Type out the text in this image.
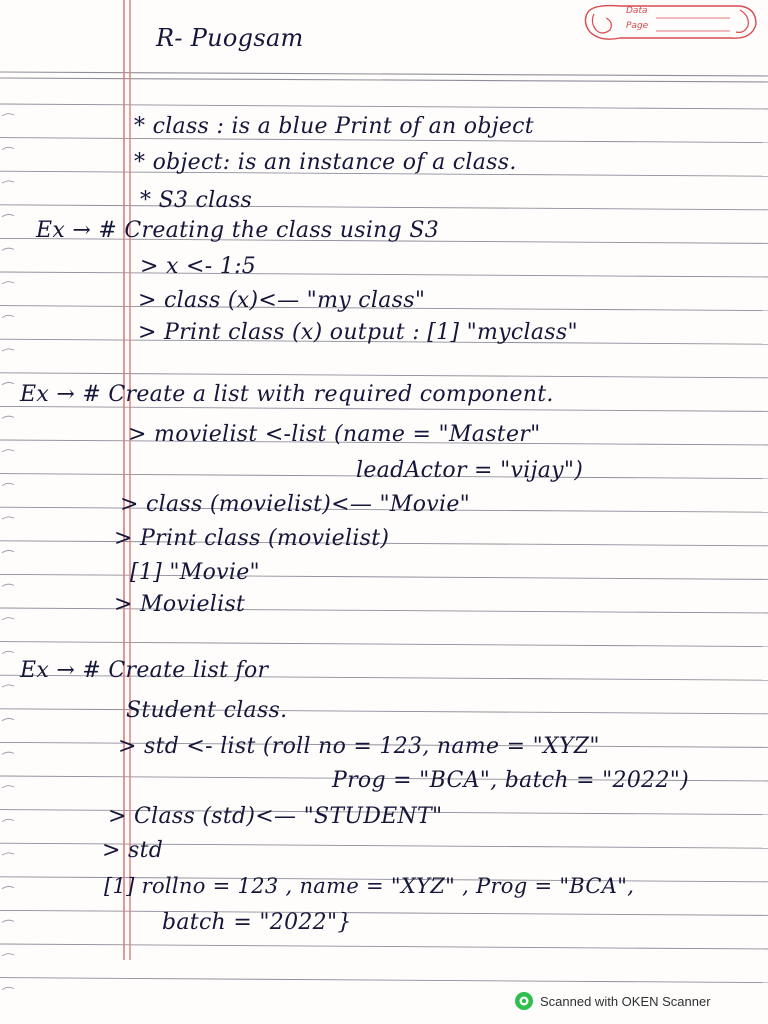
Data
Page

R- Puogsam

* class : is a blue Print of an object

* object: is an instance of a class.

* S3 class

Ex → # Creating the class using S3

> x <- 1:5

> class (x)<— "my class"

> Print class (x) output : [1] "myclass"

Ex → # Create a list with required component.

> movielist <-list (name = "Master"

leadActor = "vijay")

> class (movielist)<— "Movie"

> Print class (movielist)

[1] "Movie"

> Movielist

Ex → # Create list for

Student class.

> std <- list (roll no = 123, name = "XYZ"

Prog = "BCA", batch = "2022")

> Class (std)<— "STUDENT"

> std

[1] rollno = 123 , name = "XYZ" , Prog = "BCA",

batch = "2022"}

Scanned with OKEN Scanner
